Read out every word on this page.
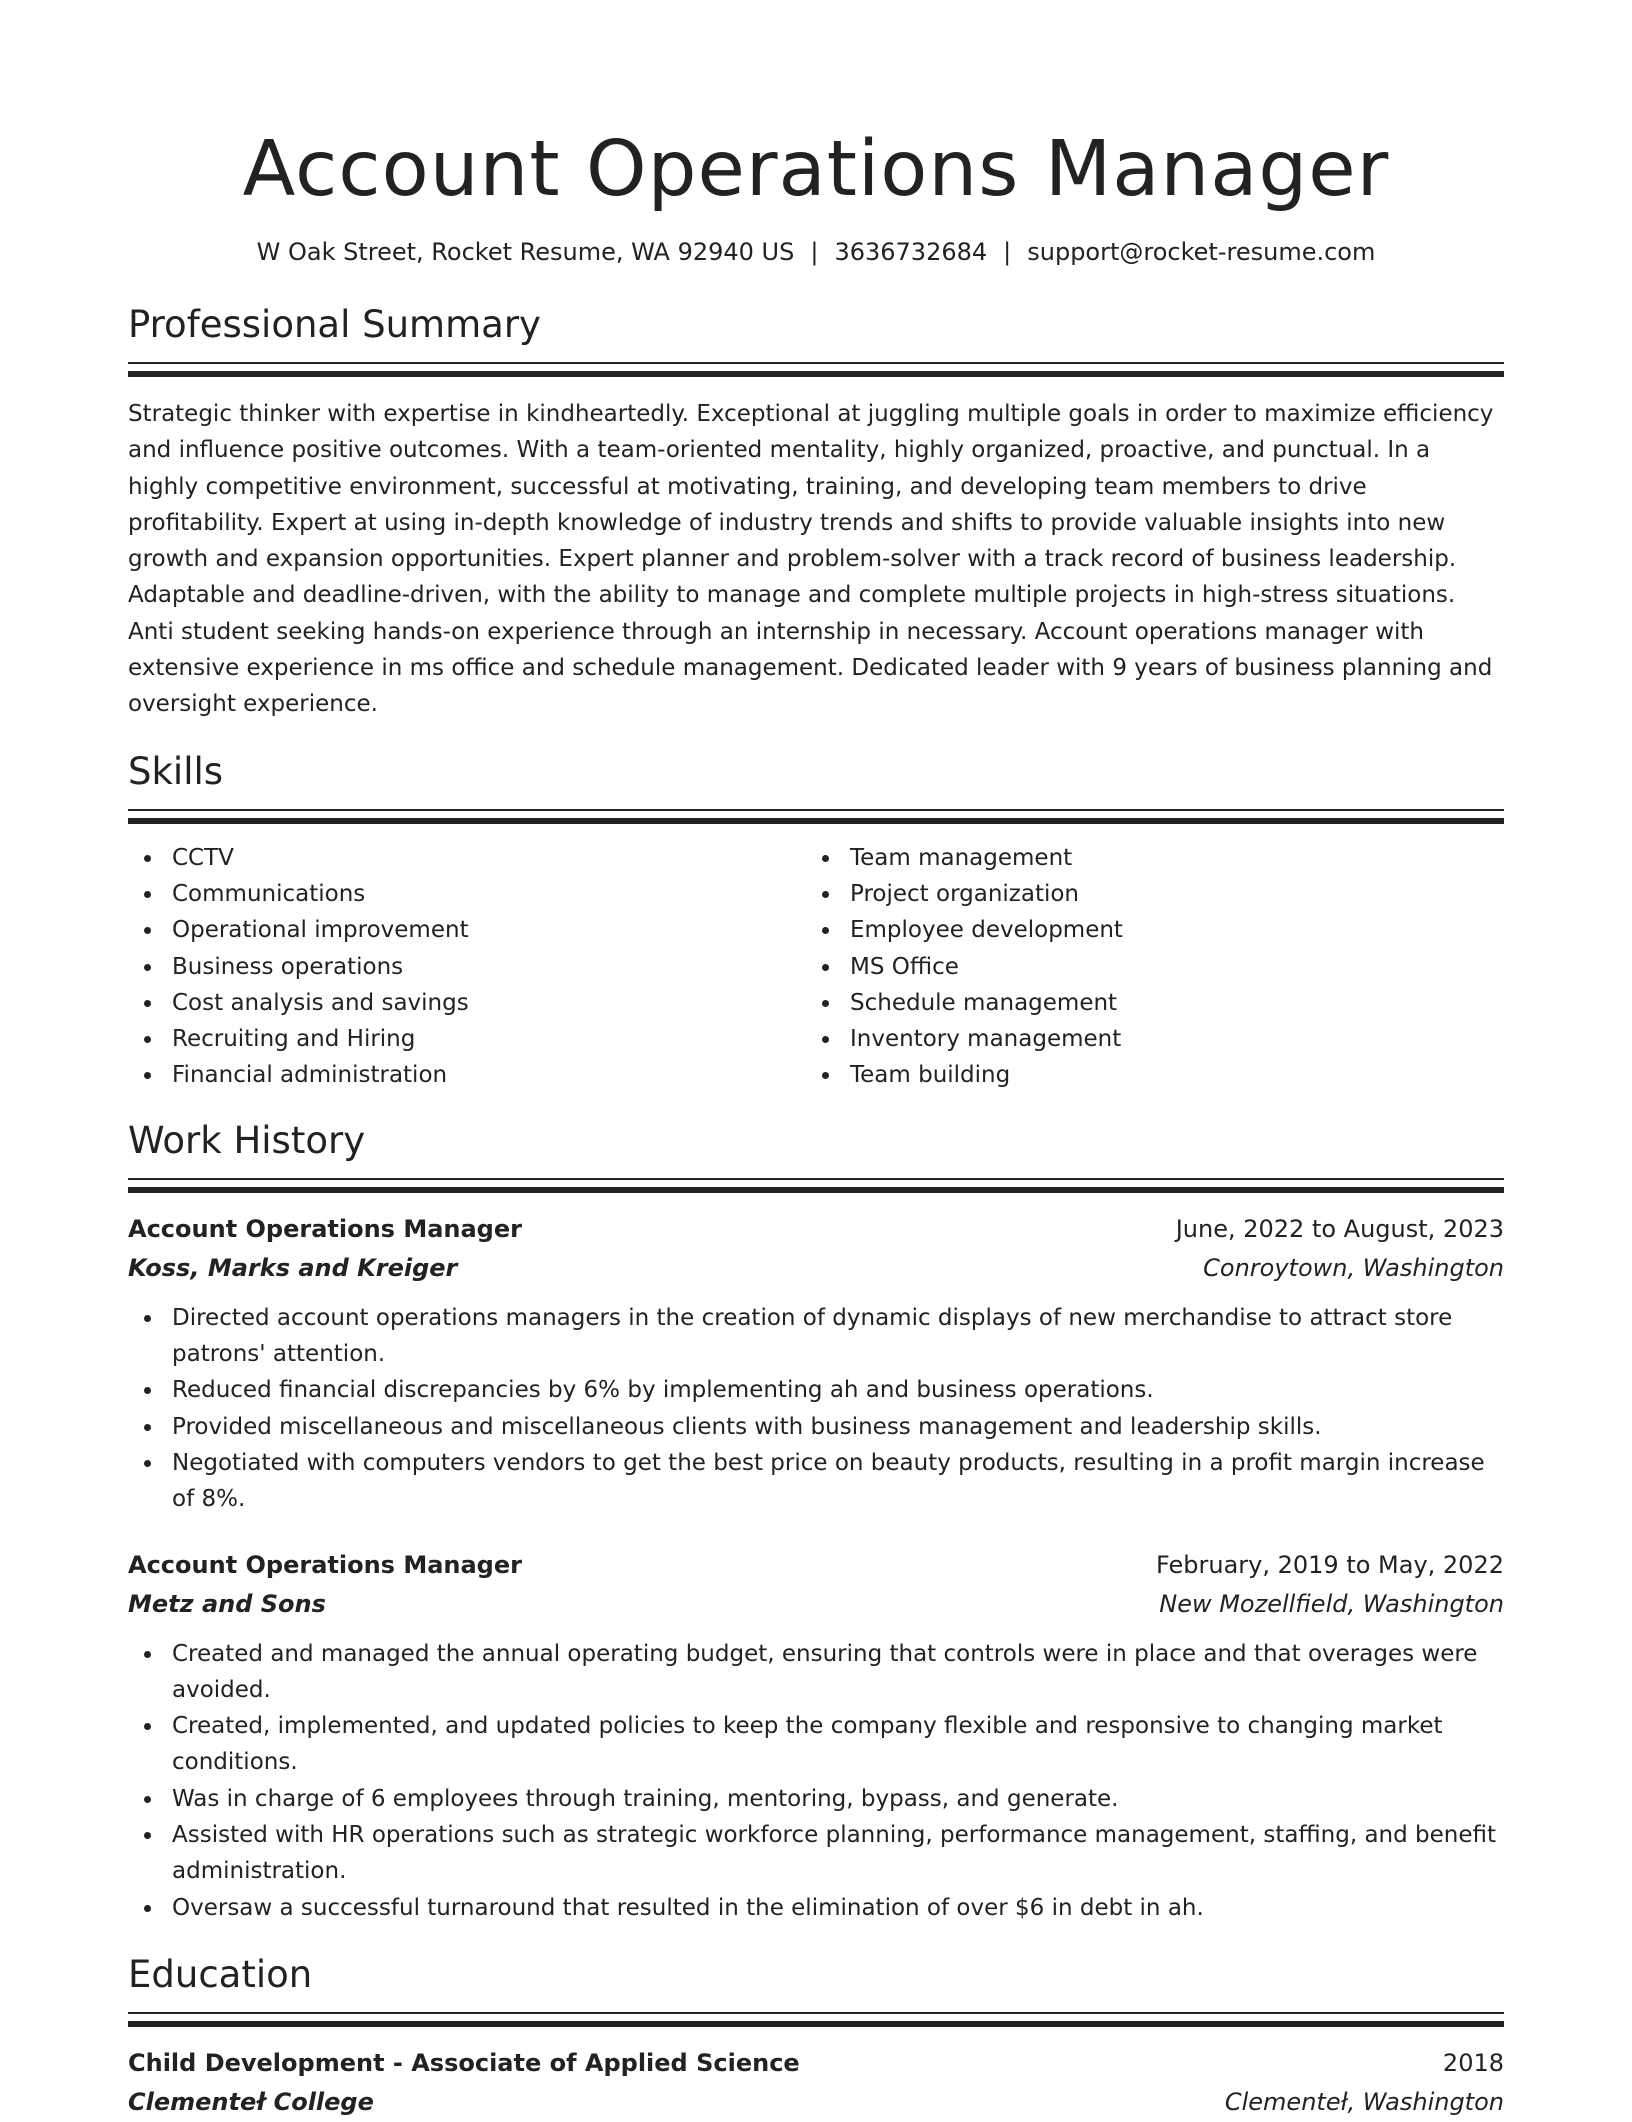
Account Operations Manager
W Oak Street, Rocket Resume, WA 92940 US | 3636732684 | support@rocket-resume.com
Professional Summary
Strategic thinker with expertise in kindheartedly. Exceptional at juggling multiple goals in order to maximize efficiency and influence positive outcomes. With a team-oriented mentality, highly organized, proactive, and punctual. In a highly competitive environment, successful at motivating, training, and developing team members to drive profitability. Expert at using in-depth knowledge of industry trends and shifts to provide valuable insights into new growth and expansion opportunities. Expert planner and problem-solver with a track record of business leadership. Adaptable and deadline-driven, with the ability to manage and complete multiple projects in high-stress situations. Anti student seeking hands-on experience through an internship in necessary. Account operations manager with extensive experience in ms office and schedule management. Dedicated leader with 9 years of business planning and oversight experience.
Skills
CCTV
Communications
Operational improvement
Business operations
Cost analysis and savings
Recruiting and Hiring
Financial administration
Team management
Project organization
Employee development
MS Office
Schedule management
Inventory management
Team building
Work History
Account Operations Manager	June, 2022 to August, 2023
Koss, Marks and Kreiger	Conroytown, Washington
Directed account operations managers in the creation of dynamic displays of new merchandise to attract store patrons' attention.
Reduced financial discrepancies by 6% by implementing ah and business operations.
Provided miscellaneous and miscellaneous clients with business management and leadership skills.
Negotiated with computers vendors to get the best price on beauty products, resulting in a profit margin increase of 8%.
Account Operations Manager	February, 2019 to May, 2022
Metz and Sons	New Mozellfield, Washington
Created and managed the annual operating budget, ensuring that controls were in place and that overages were avoided.
Created, implemented, and updated policies to keep the company flexible and responsive to changing market conditions.
Was in charge of 6 employees through training, mentoring, bypass, and generate.
Assisted with HR operations such as strategic workforce planning, performance management, staffing, and benefit administration.
Oversaw a successful turnaround that resulted in the elimination of over $6 in debt in ah.
Education
Child Development - Associate of Applied Science	2018
Clementeł College	Clementeł, Washington
